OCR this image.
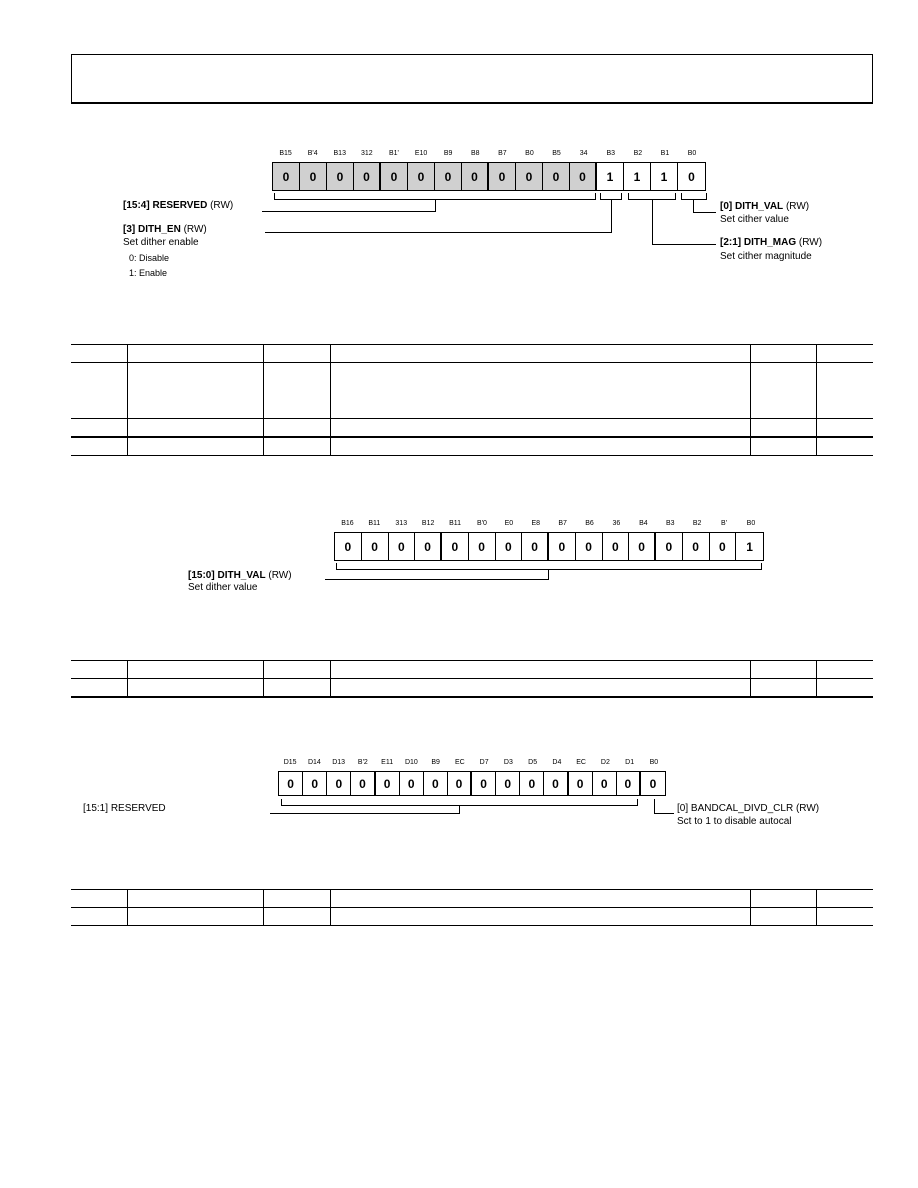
B15	B'4	B13	312	B1'	E10	B9	B8	B7	B0	B5	34	B3	B2	B1	B0
0	0	0	0	0	0	0	0	0	0	0	0	1	1	1	0
[15:4] RESERVED (RW)
[3] DITH_EN (RW)
Set dither enable
0: Disable
1: Enable
[0] DITH_VAL (RW)
Set cither value
[2:1] DITH_MAG (RW)
Set cither magnitude

B16	B11	313	B12	B11	B'0	E0	E8	B7	B6	36	B4	B3	B2	B'	B0
0	0	0	0	0	0	0	0	0	0	0	0	0	0	0	1
[15:0] DITH_VAL (RW)
Set dither value

D15	D14	D13	B'2	E11	D10	B9	EC	D7	D3	D5	D4	EC	D2	D1	B0
0	0	0	0	0	0	0	0	0	0	0	0	0	0	0	0
[15:1] RESERVED	[0] BANDCAL_DIVD_CLR (RW)
Sct to 1 to disable autocal
